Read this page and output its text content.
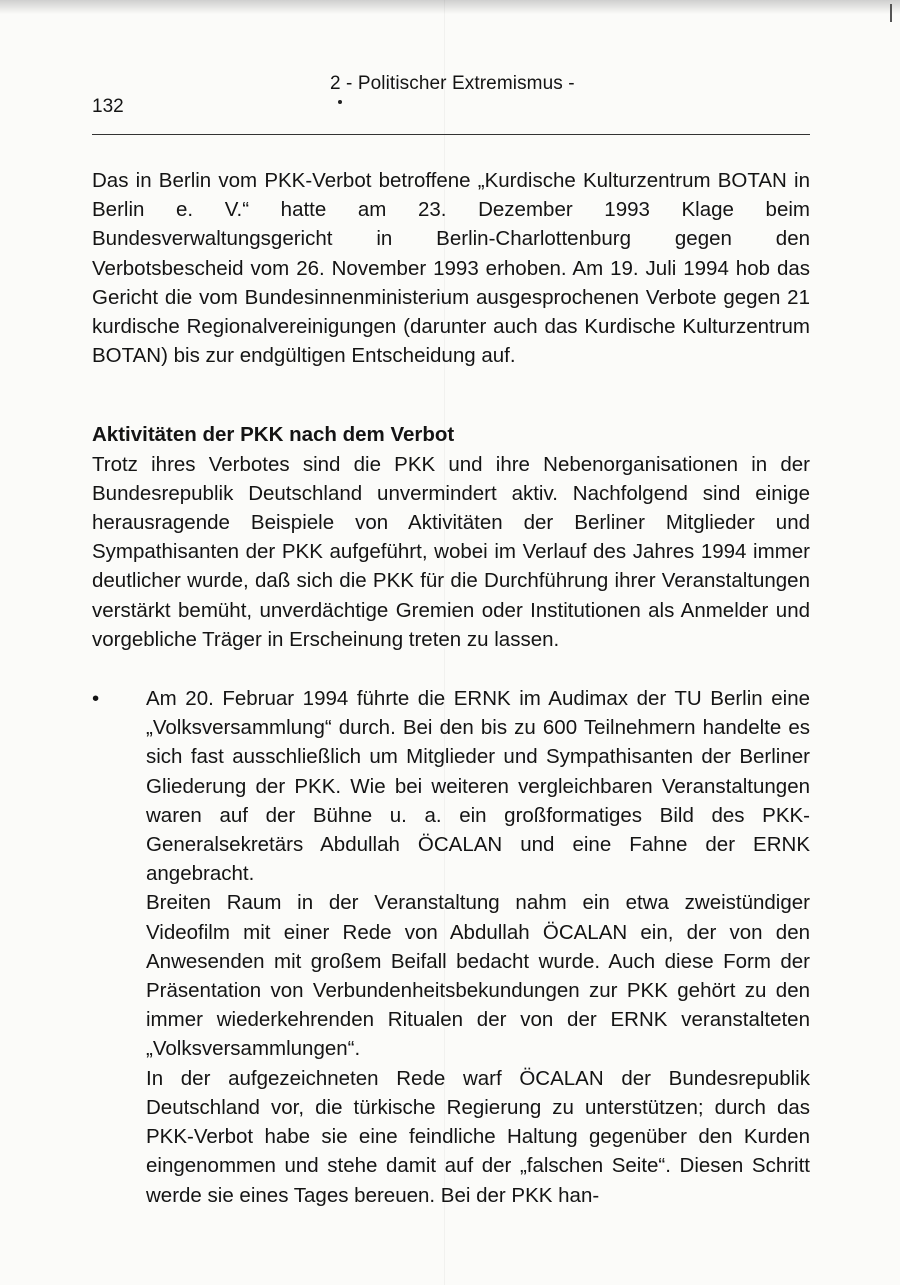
2 - Politischer Extremismus -
132

Das in Berlin vom PKK-Verbot betroffene „Kurdische Kulturzentrum BOTAN in Berlin e. V.“ hatte am 23. Dezember 1993 Klage beim Bundesverwaltungsgericht in Berlin-Charlottenburg gegen den Verbotsbescheid vom 26. November 1993 erhoben. Am 19. Juli 1994 hob das Gericht die vom Bundesinnenministerium ausgesprochenen Verbote gegen 21 kurdische Regionalvereinigungen (darunter auch das Kurdische Kulturzentrum BOTAN) bis zur endgültigen Entscheidung auf.

Aktivitäten der PKK nach dem Verbot

Trotz ihres Verbotes sind die PKK und ihre Nebenorganisationen in der Bundesrepublik Deutschland unvermindert aktiv. Nachfolgend sind einige herausragende Beispiele von Aktivitäten der Berliner Mitglieder und Sympathisanten der PKK aufgeführt, wobei im Verlauf des Jahres 1994 immer deutlicher wurde, daß sich die PKK für die Durchführung ihrer Veranstaltungen verstärkt bemüht, unverdächtige Gremien oder Institutionen als Anmelder und vorgebliche Träger in Erscheinung treten zu lassen.

• Am 20. Februar 1994 führte die ERNK im Audimax der TU Berlin eine „Volksversammlung“ durch. Bei den bis zu 600 Teilnehmern handelte es sich fast ausschließlich um Mitglieder und Sympathisanten der Berliner Gliederung der PKK. Wie bei weiteren vergleichbaren Veranstaltungen waren auf der Bühne u. a. ein großformatiges Bild des PKK-Generalsekretärs Abdullah ÖCALAN und eine Fahne der ERNK angebracht.

Breiten Raum in der Veranstaltung nahm ein etwa zweistündiger Videofilm mit einer Rede von Abdullah ÖCALAN ein, der von den Anwesenden mit großem Beifall bedacht wurde. Auch diese Form der Präsentation von Verbundenheitsbekundungen zur PKK gehört zu den immer wiederkehrenden Ritualen der von der ERNK veranstalteten „Volksversammlungen“.

In der aufgezeichneten Rede warf ÖCALAN der Bundesrepublik Deutschland vor, die türkische Regierung zu unterstützen; durch das PKK-Verbot habe sie eine feindliche Haltung gegenüber den Kurden eingenommen und stehe damit auf der „falschen Seite“. Diesen Schritt werde sie eines Tages bereuen. Bei der PKK han-
